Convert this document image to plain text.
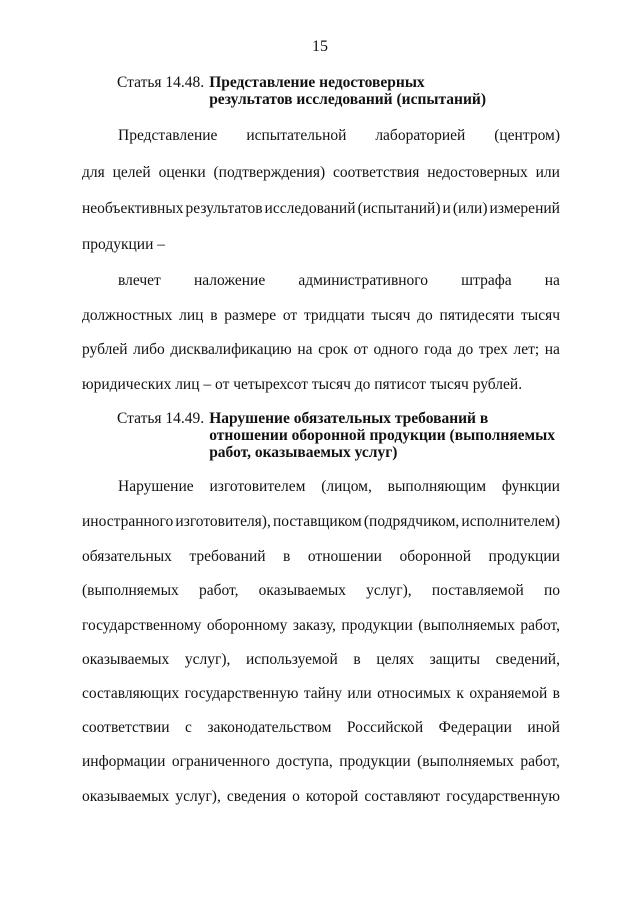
15
Статья 14.48. Представление недостоверных
результатов исследований (испытаний)
Представление испытательной лабораторией (центром)
для целей оценки (подтверждения) соответствия недостоверных или
необъективных результатов исследований (испытаний) и (или) измерений
продукции –
влечет наложение административного штрафа на
должностных лиц в размере от тридцати тысяч до пятидесяти тысяч
рублей либо дисквалификацию на срок от одного года до трех лет; на
юридических лиц – от четырехсот тысяч до пятисот тысяч рублей.
Статья 14.49. Нарушение обязательных требований в
отношении оборонной продукции (выполняемых
работ, оказываемых услуг)
Нарушение изготовителем (лицом, выполняющим функции
иностранного изготовителя), поставщиком (подрядчиком, исполнителем)
обязательных требований в отношении оборонной продукции
(выполняемых работ, оказываемых услуг), поставляемой по
государственному оборонному заказу, продукции (выполняемых работ,
оказываемых услуг), используемой в целях защиты сведений,
составляющих государственную тайну или относимых к охраняемой в
соответствии с законодательством Российской Федерации иной
информации ограниченного доступа, продукции (выполняемых работ,
оказываемых услуг), сведения о которой составляют государственную
